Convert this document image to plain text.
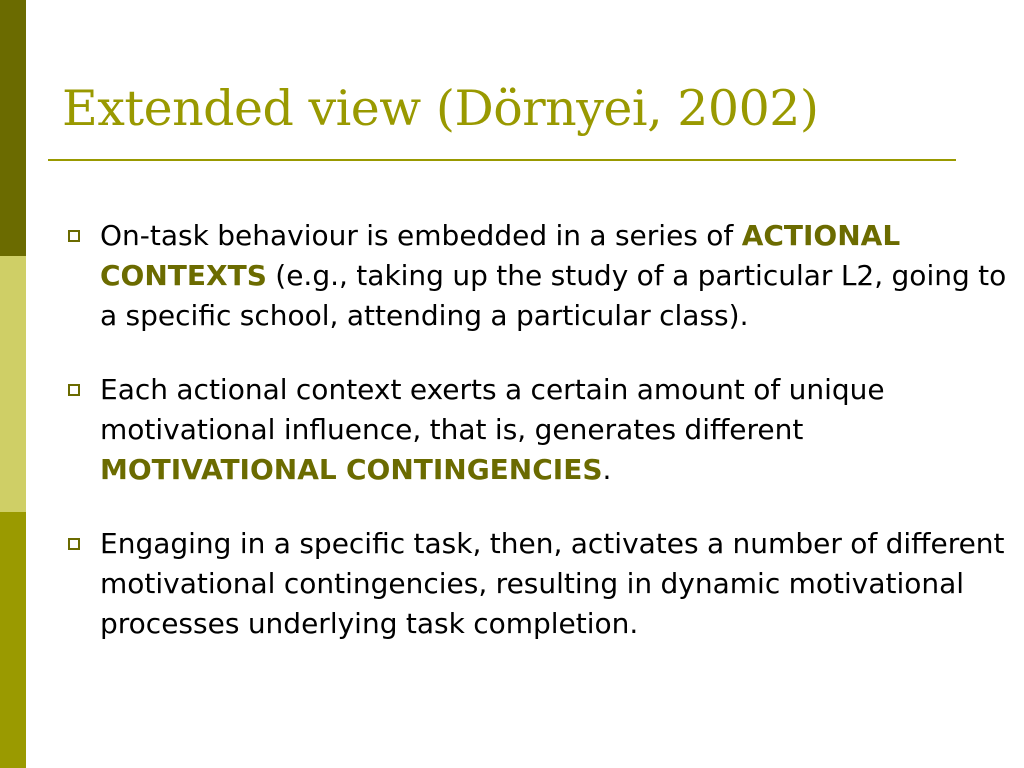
Extended view (Dörnyei, 2002)
On-task behaviour is embedded in a series of ACTIONAL CONTEXTS (e.g., taking up the study of a particular L2, going to a specific school, attending a particular class).
Each actional context exerts a certain amount of unique motivational influence, that is, generates different MOTIVATIONAL CONTINGENCIES.
Engaging in a specific task, then, activates a number of different motivational contingencies, resulting in dynamic motivational processes underlying task completion.
